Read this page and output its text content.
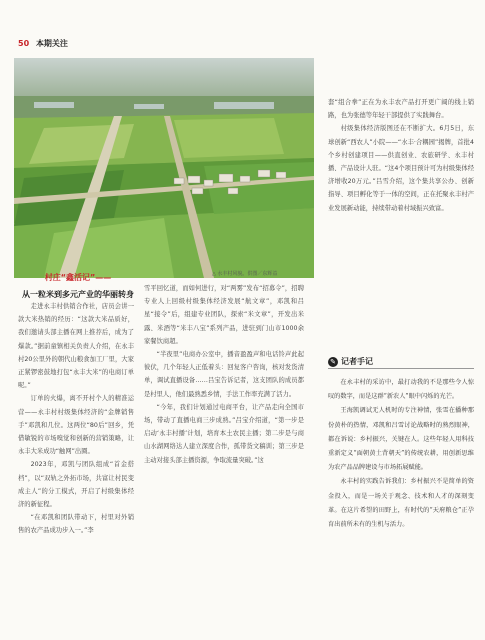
50 本期关注
△ 水丰村风貌。供图／东辉益
村庄“鑫活记”——
从一粒米到多元产业的华丽转身

走进永丰村供销合作社，店员会讲一款大米热销的经历：“这款大米品质好，我们邀请头部主播在网上推荐后，成为了爆款。”据前童镇相关负责人介绍，在永丰村20公里外的朝代山粮食加工厂里，大家正紧锣密鼓地打包“永丰大米”的电商订单呢。”

订单的火爆，离不开村个人的精准运营——永丰村村级集体经济的“金牌销售手”邓凯和几位。这两位“80后”回乡，凭借敏锐的市场嗅觉和创新的营销策略，让永丰大米成功“触网”出圈。

2023年，邓凯与团队组成“首金搭档”，以“双轨之外拓市场，共富让村民变成主人”的分工模式，开启了村级集体经济的新征程。

“在邓凯和团队带动下，村里对外销售的农产品成功步入一。”李

雪平回忆道，而如何进行，对“两雾”发布“招募令”，招聘专业人上回级村级集体经济发展“航文章”，邓凯和吕星“接令”后，组建专业团队，探索“米文章”，开发出米露、米酒等“米丰八宝”系列产品，进驻到门山市1000余家餐饮商超。

“半夜里”电商办公室中，播音盈盈声和电话铃声此起彼伏，几个年轻人正低着头：回复客户咨询，核对发货清单，调试直播设备……吕宝告诉记者，这支团队的成员都是村里人，他们最熟悉乡情，手法工作率充满了活力。

“今年，我们计划通过电商平台，让产品走向全国市场，带动了直播电商三步成熟。”吕宝介绍道，“第一步是启动‘永丰村播’计划，培育本土农民主播；第二步是与商山水湖网络达人建立深度合作，孤带货文稿训；第三步是主动对接头部主播资源，争取流量突破。”这

套“组合拳”正在为永丰农产品打开更广阔的线上销路，也为张德等年轻干部提供了实践舞台。

村级集体经济版图还在不断扩大。6月5日，东球创新“西农人”小院——“水丰·合耦园”揭牌，首批4个乡村创建项目——供直创业、农旅研学、永丰村播、产品设计人驻。“这4个项目预计可为村级集体经济增收20万元。”吕雪介绍，这个集共享公办、创新指导、项目孵化等于一体的空间，正在托聚永丰村产业发展新动能，持续带动着村域振兴致富。

✎ 记者手记

在永丰村的采访中，最打动我的不是那些令人惊叹的数字，而是这群“新农人”眼中闪烁的光芒。

王海凯调试无人机时的专注神情，张雪在播种那份黄朴的热情，邓凯和吕雪讨论战略时的熟烈眼神，都在诉说：乡村振兴，关键在人。这些年轻人用科技重新定义“面朝黄土背朝天”的传统农耕，用创新思维为农产品品牌建设与市场拓展赋能。

永丰村的实践告诉我们：乡村振兴不是简单的资金投入，而是一场关于观念、技术和人才的深刻变革。在这片希望的田野上，有时代的“天府粮仓”正孕育出前所未有的生机与活力。
